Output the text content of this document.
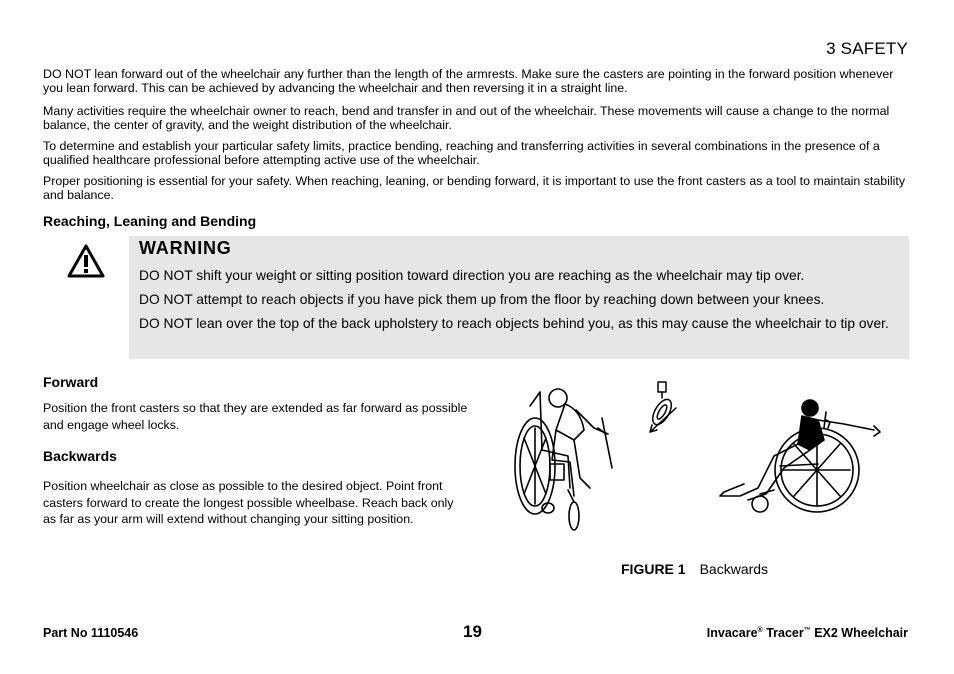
3 SAFETY

DO NOT lean forward out of the wheelchair any further than the length of the armrests. Make sure the casters are pointing in the forward position whenever you lean forward. This can be achieved by advancing the wheelchair and then reversing it in a straight line.

Many activities require the wheelchair owner to reach, bend and transfer in and out of the wheelchair. These movements will cause a change to the normal balance, the center of gravity, and the weight distribution of the wheelchair.

To determine and establish your particular safety limits, practice bending, reaching and transferring activities in several combinations in the presence of a qualified healthcare professional before attempting active use of the wheelchair.

Proper positioning is essential for your safety. When reaching, leaning, or bending forward, it is important to use the front casters as a tool to maintain stability and balance.

Reaching, Leaning and Bending
WARNING
DO NOT shift your weight or sitting position toward direction you are reaching as the wheelchair may tip over.
DO NOT attempt to reach objects if you have pick them up from the floor by reaching down between your knees.
DO NOT lean over the top of the back upholstery to reach objects behind you, as this may cause the wheelchair to tip over.
Forward

Position the front casters so that they are extended as far forward as possible and engage wheel locks.

Backwards

Position wheelchair as close as possible to the desired object. Point front casters forward to create the longest possible wheelbase. Reach back only as far as your arm will extend without changing your sitting position.

FIGURE 1 Backwards
Part No 1110546	19	Invacare® Tracer™ EX2 Wheelchair
